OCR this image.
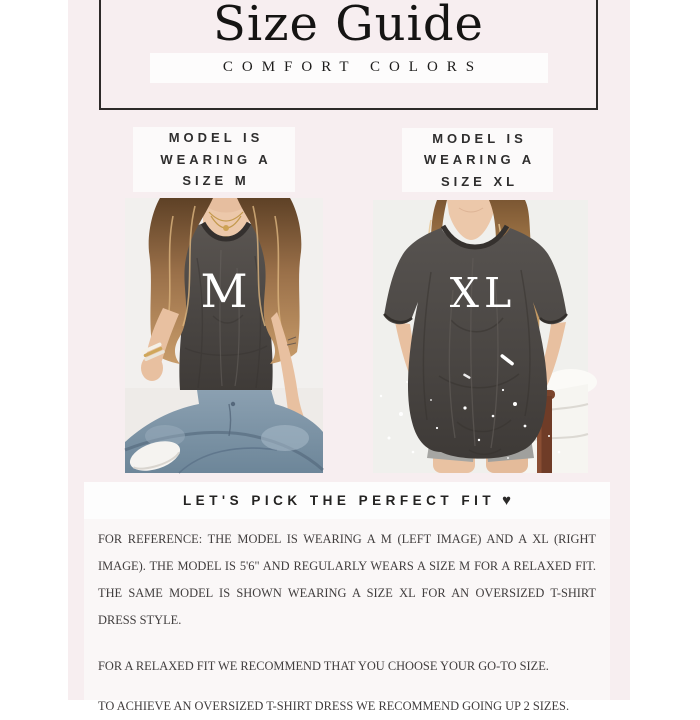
Size Guide
COMFORT COLORS
MODEL IS
WEARING A
SIZE M
MODEL IS
WEARING A
SIZE XL
M	XL
LET'S PICK THE PERFECT FIT ♥
FOR REFERENCE: THE MODEL IS WEARING A M (LEFT IMAGE) AND A XL (RIGHT
IMAGE). THE MODEL IS 5'6" AND REGULARLY WEARS A SIZE M FOR A RELAXED FIT.
THE SAME MODEL IS SHOWN WEARING A SIZE XL FOR AN OVERSIZED T-SHIRT
DRESS STYLE.
FOR A RELAXED FIT WE RECOMMEND THAT YOU CHOOSE YOUR GO-TO SIZE.
TO ACHIEVE AN OVERSIZED T-SHIRT DRESS WE RECOMMEND GOING UP 2 SIZES.
